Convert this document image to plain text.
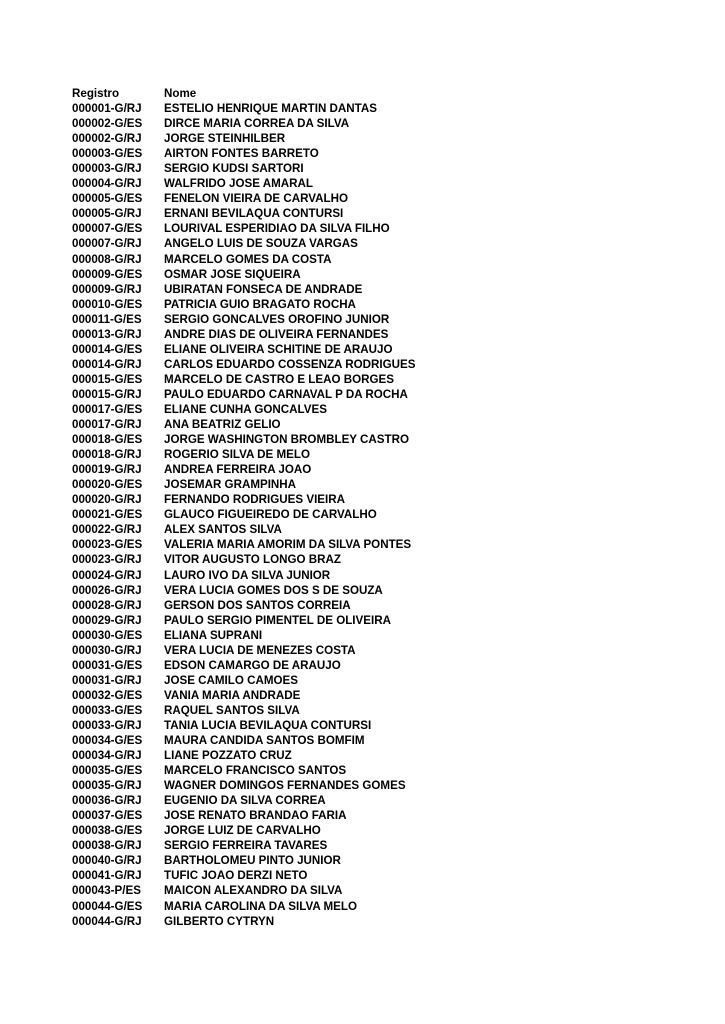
Registro	Nome
000001-G/RJ	ESTELIO HENRIQUE MARTIN DANTAS
000002-G/ES	DIRCE MARIA CORREA DA SILVA
000002-G/RJ	JORGE STEINHILBER
000003-G/ES	AIRTON FONTES BARRETO
000003-G/RJ	SERGIO KUDSI SARTORI
000004-G/RJ	WALFRIDO JOSE AMARAL
000005-G/ES	FENELON VIEIRA DE CARVALHO
000005-G/RJ	ERNANI BEVILAQUA CONTURSI
000007-G/ES	LOURIVAL ESPERIDIAO DA SILVA FILHO
000007-G/RJ	ANGELO LUIS DE SOUZA VARGAS
000008-G/RJ	MARCELO GOMES DA COSTA
000009-G/ES	OSMAR JOSE SIQUEIRA
000009-G/RJ	UBIRATAN FONSECA DE ANDRADE
000010-G/ES	PATRICIA GUIO BRAGATO ROCHA
000011-G/ES	SERGIO GONCALVES OROFINO JUNIOR
000013-G/RJ	ANDRE DIAS DE OLIVEIRA FERNANDES
000014-G/ES	ELIANE OLIVEIRA SCHITINE DE ARAUJO
000014-G/RJ	CARLOS EDUARDO COSSENZA RODRIGUES
000015-G/ES	MARCELO DE CASTRO E LEAO BORGES
000015-G/RJ	PAULO EDUARDO CARNAVAL P DA ROCHA
000017-G/ES	ELIANE CUNHA GONCALVES
000017-G/RJ	ANA BEATRIZ GELIO
000018-G/ES	JORGE WASHINGTON BROMBLEY CASTRO
000018-G/RJ	ROGERIO SILVA DE MELO
000019-G/RJ	ANDREA FERREIRA JOAO
000020-G/ES	JOSEMAR GRAMPINHA
000020-G/RJ	FERNANDO RODRIGUES VIEIRA
000021-G/ES	GLAUCO FIGUEIREDO DE CARVALHO
000022-G/RJ	ALEX SANTOS SILVA
000023-G/ES	VALERIA MARIA AMORIM DA SILVA PONTES
000023-G/RJ	VITOR AUGUSTO LONGO BRAZ
000024-G/RJ	LAURO IVO DA SILVA JUNIOR
000026-G/RJ	VERA LUCIA GOMES DOS S DE SOUZA
000028-G/RJ	GERSON DOS SANTOS CORREIA
000029-G/RJ	PAULO SERGIO PIMENTEL DE OLIVEIRA
000030-G/ES	ELIANA SUPRANI
000030-G/RJ	VERA LUCIA DE MENEZES COSTA
000031-G/ES	EDSON CAMARGO DE ARAUJO
000031-G/RJ	JOSE CAMILO CAMOES
000032-G/ES	VANIA MARIA ANDRADE
000033-G/ES	RAQUEL SANTOS SILVA
000033-G/RJ	TANIA LUCIA BEVILAQUA CONTURSI
000034-G/ES	MAURA CANDIDA SANTOS BOMFIM
000034-G/RJ	LIANE POZZATO CRUZ
000035-G/ES	MARCELO FRANCISCO SANTOS
000035-G/RJ	WAGNER DOMINGOS FERNANDES GOMES
000036-G/RJ	EUGENIO DA SILVA CORREA
000037-G/ES	JOSE RENATO BRANDAO FARIA
000038-G/ES	JORGE LUIZ DE CARVALHO
000038-G/RJ	SERGIO FERREIRA TAVARES
000040-G/RJ	BARTHOLOMEU PINTO JUNIOR
000041-G/RJ	TUFIC JOAO DERZI NETO
000043-P/ES	MAICON ALEXANDRO DA SILVA
000044-G/ES	MARIA CAROLINA DA SILVA MELO
000044-G/RJ	GILBERTO CYTRYN
